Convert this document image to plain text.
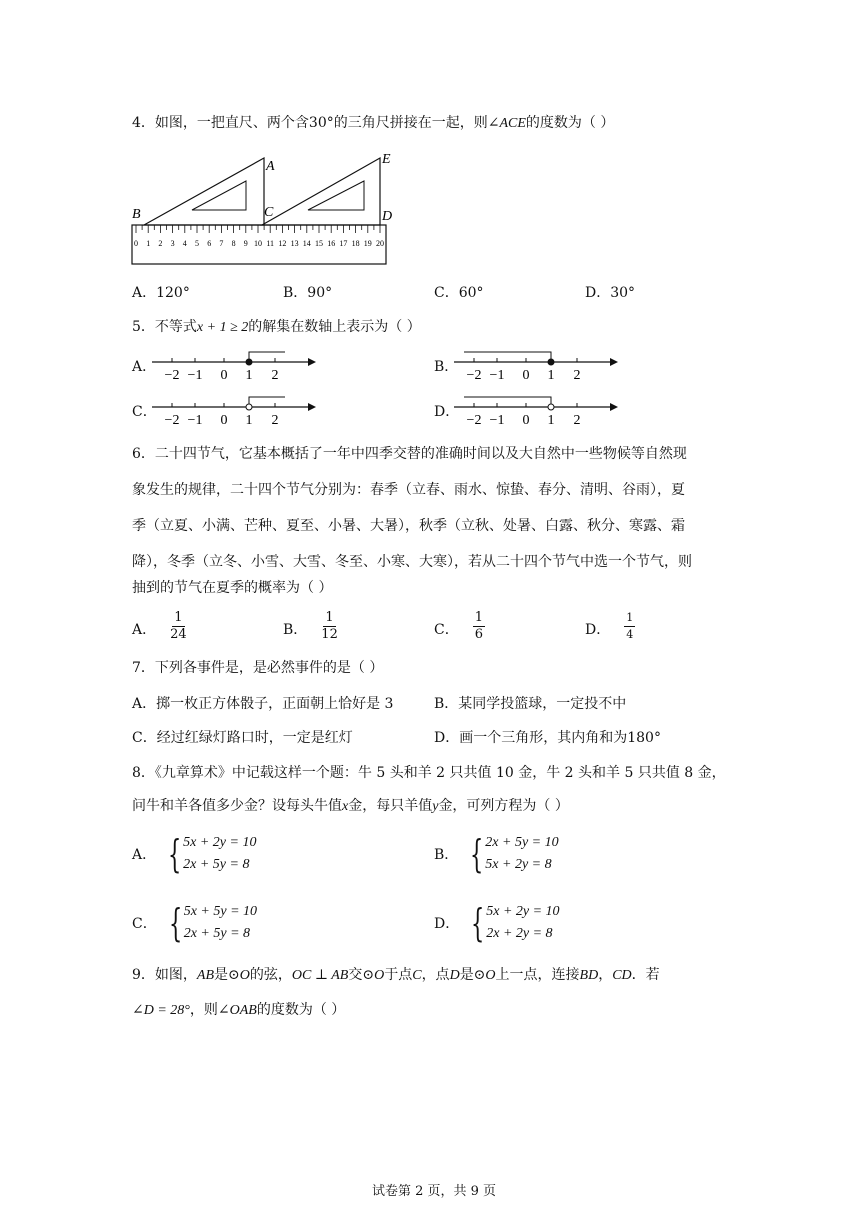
4．如图，一把直尺、两个含30°的三角尺拼接在一起，则∠ACE的度数为（ ）
0 1 2 3 4 5 6 7 8 9 10 11 12 13 14 15 16 17 18 19 20
A
B	C	D
E
A．120°	B．90°	C．60°	D．30°
5．不等式x + 1 ≥ 2的解集在数轴上表示为（ ）
A．	B．
C．	D．
−2 −1 0 1 2	−2 −1 0 1 2
−2 −1 0 1 2	−2 −1 0 1 2
6．二十四节气，它基本概括了一年中四季交替的准确时间以及大自然中一些物候等自然现
象发生的规律，二十四个节气分别为：春季（立春、雨水、惊蛰、春分、清明、谷雨），夏
季（立夏、小满、芒种、夏至、小暑、大暑），秋季（立秋、处暑、白露、秋分、寒露、霜
降），冬季（立冬、小雪、大雪、冬至、小寒、大寒），若从二十四个节气中选一个节气，则
抽到的节气在夏季的概率为（ ）
A． $\frac{1}{24}$	B． $\frac{1}{12}$	C． $\frac{1}{6}$	D． $\frac{1}{4}$
7．下列各事件是，是必然事件的是（ ）
A．掷一枚正方体骰子，正面朝上恰好是 3	B．某同学投篮球，一定投不中
C．经过红绿灯路口时，一定是红灯	D．画一个三角形，其内角和为180°
8．《九章算术》中记载这样一个题：牛 5 头和羊 2 只共值 10 金，牛 2 头和羊 5 只共值 8 金，
问牛和羊各值多少金？设每头牛值x金，每只羊值y金，可列方程为（ ）
A． { 5x + 2y = 10
2x + 5y = 8
B． { 2x + 5y = 10
5x + 2y = 8
C． { 5x + 5y = 10
2x + 5y = 8
D． { 5x + 2y = 10
2x + 2y = 8
9．如图，AB是⊙O的弦，OC ⊥ AB交⊙O于点C，点D是⊙O上一点，连接BD，CD．若
∠D = 28°，则∠OAB的度数为（ ）
试卷第 2 页，共 9 页
